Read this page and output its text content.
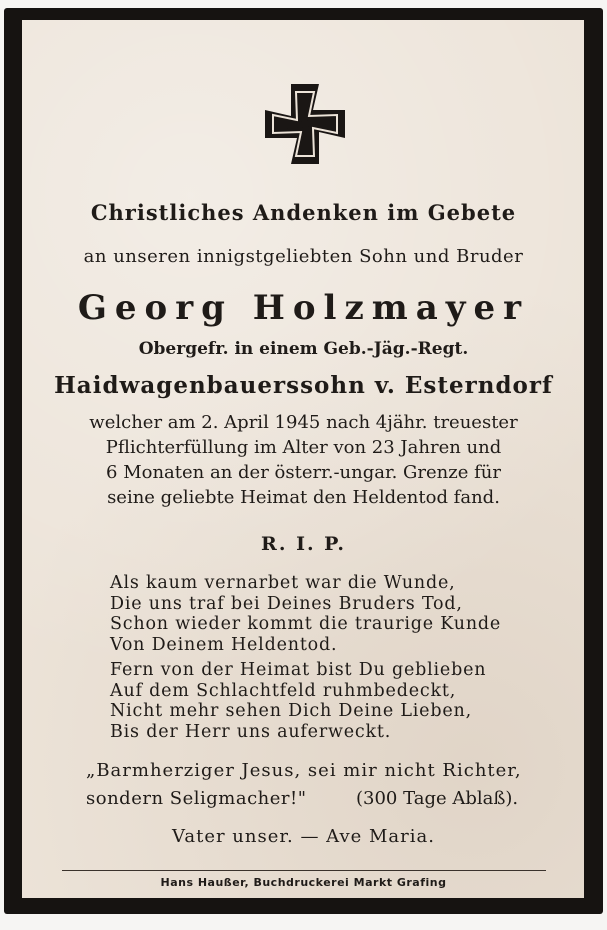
Christliches Andenken im Gebete
an unseren innigstgeliebten Sohn und Bruder
Georg Holzmayer
Obergefr. in einem Geb.-Jäg.-Regt.
Haidwagenbauerssohn v. Esterndorf
welcher am 2. April 1945 nach 4jähr. treuester
Pflichterfüllung im Alter von 23 Jahren und
6 Monaten an der österr.-ungar. Grenze für
seine geliebte Heimat den Heldentod fand.
R. I. P.
Als kaum vernarbet war die Wunde,
Die uns traf bei Deines Bruders Tod,
Schon wieder kommt die traurige Kunde
Von Deinem Heldentod.
Fern von der Heimat bist Du geblieben
Auf dem Schlachtfeld ruhmbedeckt,
Nicht mehr sehen Dich Deine Lieben,
Bis der Herr uns auferweckt.
„Barmherziger Jesus, sei mir nicht Richter,
sondern Seligmacher!"	(300 Tage Ablaß).
Vater unser. — Ave Maria.
Hans Haußer, Buchdruckerei Markt Grafing
